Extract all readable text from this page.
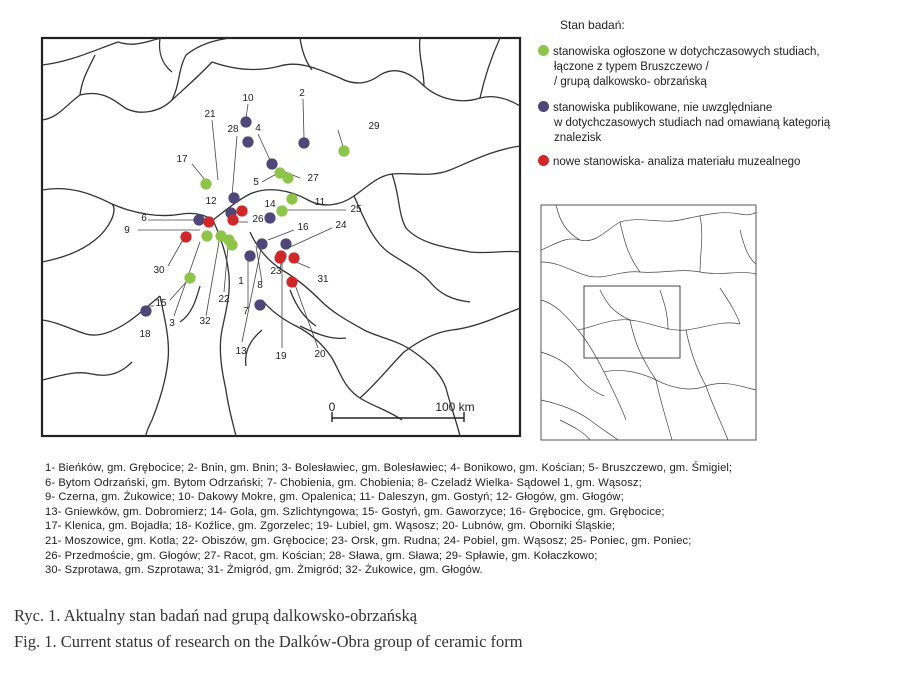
0	100 km
1
2
3
4
5
6
7
8
9
10
11
12
13
14
15
16
17
18
19	20
21
22
23
24
25
26
27
28	29
30
31
32
Stan badań:
stanowiska ogłoszone w dotychczasowych studiach,
łączone z typem Bruszczewo /
/ grupą dalkowsko- obrzańską
stanowiska publikowane, nie uwzględniane
w dotychczasowych studiach nad omawianą kategorią
znalezisk
nowe stanowiska- analiza materiału muzealnego
1- Bieńków, gm. Grębocice; 2- Bnin, gm. Bnin; 3- Bolesławiec, gm. Bolesławiec; 4- Bonikowo, gm. Kościan; 5- Bruszczewo, gm. Śmigiel;
6- Bytom Odrzański, gm. Bytom Odrzański; 7- Chobienia, gm. Chobienia; 8- Czeladź Wielka- Sądowel 1, gm. Wąsosz;
9- Czerna, gm. Żukowice; 10- Dakowy Mokre, gm. Opalenica; 11- Daleszyn, gm. Gostyń; 12- Głogów, gm. Głogów;
13- Gniewków, gm. Dobromierz; 14- Gola, gm. Szlichtyngowa; 15- Gostyń, gm. Gaworzyce; 16- Grębocice, gm. Grębocice;
17- Klenica, gm. Bojadła; 18- Koźlice, gm. Zgorzelec; 19- Lubiel, gm. Wąsosz; 20- Lubnów, gm. Oborniki Śląskie;
21- Moszowice, gm. Kotla; 22- Obiszów, gm. Grębocice; 23- Orsk, gm. Rudna; 24- Pobiel, gm. Wąsosz; 25- Poniec, gm. Poniec;
26- Przedmoście, gm. Głogów; 27- Racot, gm. Kościan; 28- Sława, gm. Sława; 29- Spławie, gm. Kołaczkowo;
30- Szprotawa, gm. Szprotawa; 31- Żmigród, gm. Żmigród; 32- Żukowice, gm. Głogów.
Ryc. 1. Aktualny stan badań nad grupą dalkowsko-obrzańską
Fig. 1. Current status of research on the Dalków-Obra group of ceramic form
